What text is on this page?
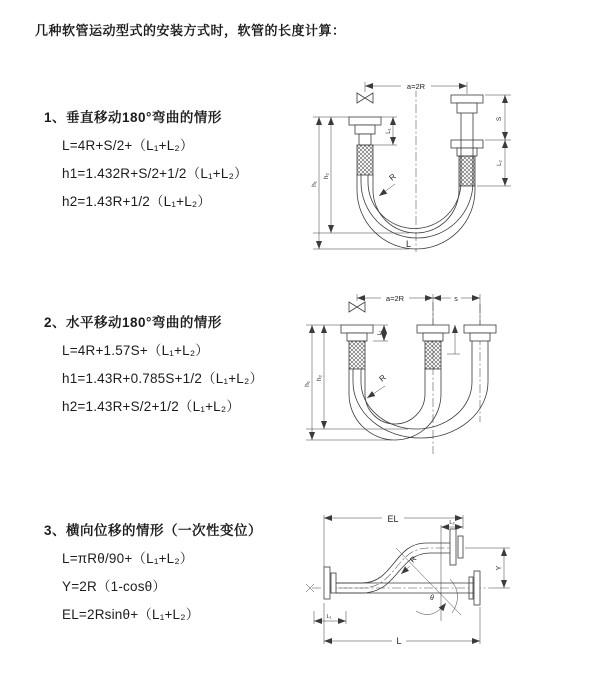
几种软管运动型式的安装方式时，软管的长度计算：
1、垂直移动180°弯曲的情形
L=4R+S/2+（L₁+L₂）
h1=1.432R+S/2+1/2（L₁+L₂）
h2=1.43R+1/2（L₁+L₂）
2、水平移动180°弯曲的情形
L=4R+1.57S+（L₁+L₂）
h1=1.43R+0.785S+1/2（L₁+L₂）
h2=1.43R+S/2+1/2（L₁+L₂）
3、横向位移的情形（一次性变位）
L=πRθ/90+（L₁+L₂）
Y=2R（1-cosθ）
EL=2Rsinθ+（L₁+L₂）
a=2R
R
L
S
L₂
h₁
h₂
L₁
a=2R	s
R
h₁
h₂
L₁
EL	L₂
R
θ
Y
L
L₁
